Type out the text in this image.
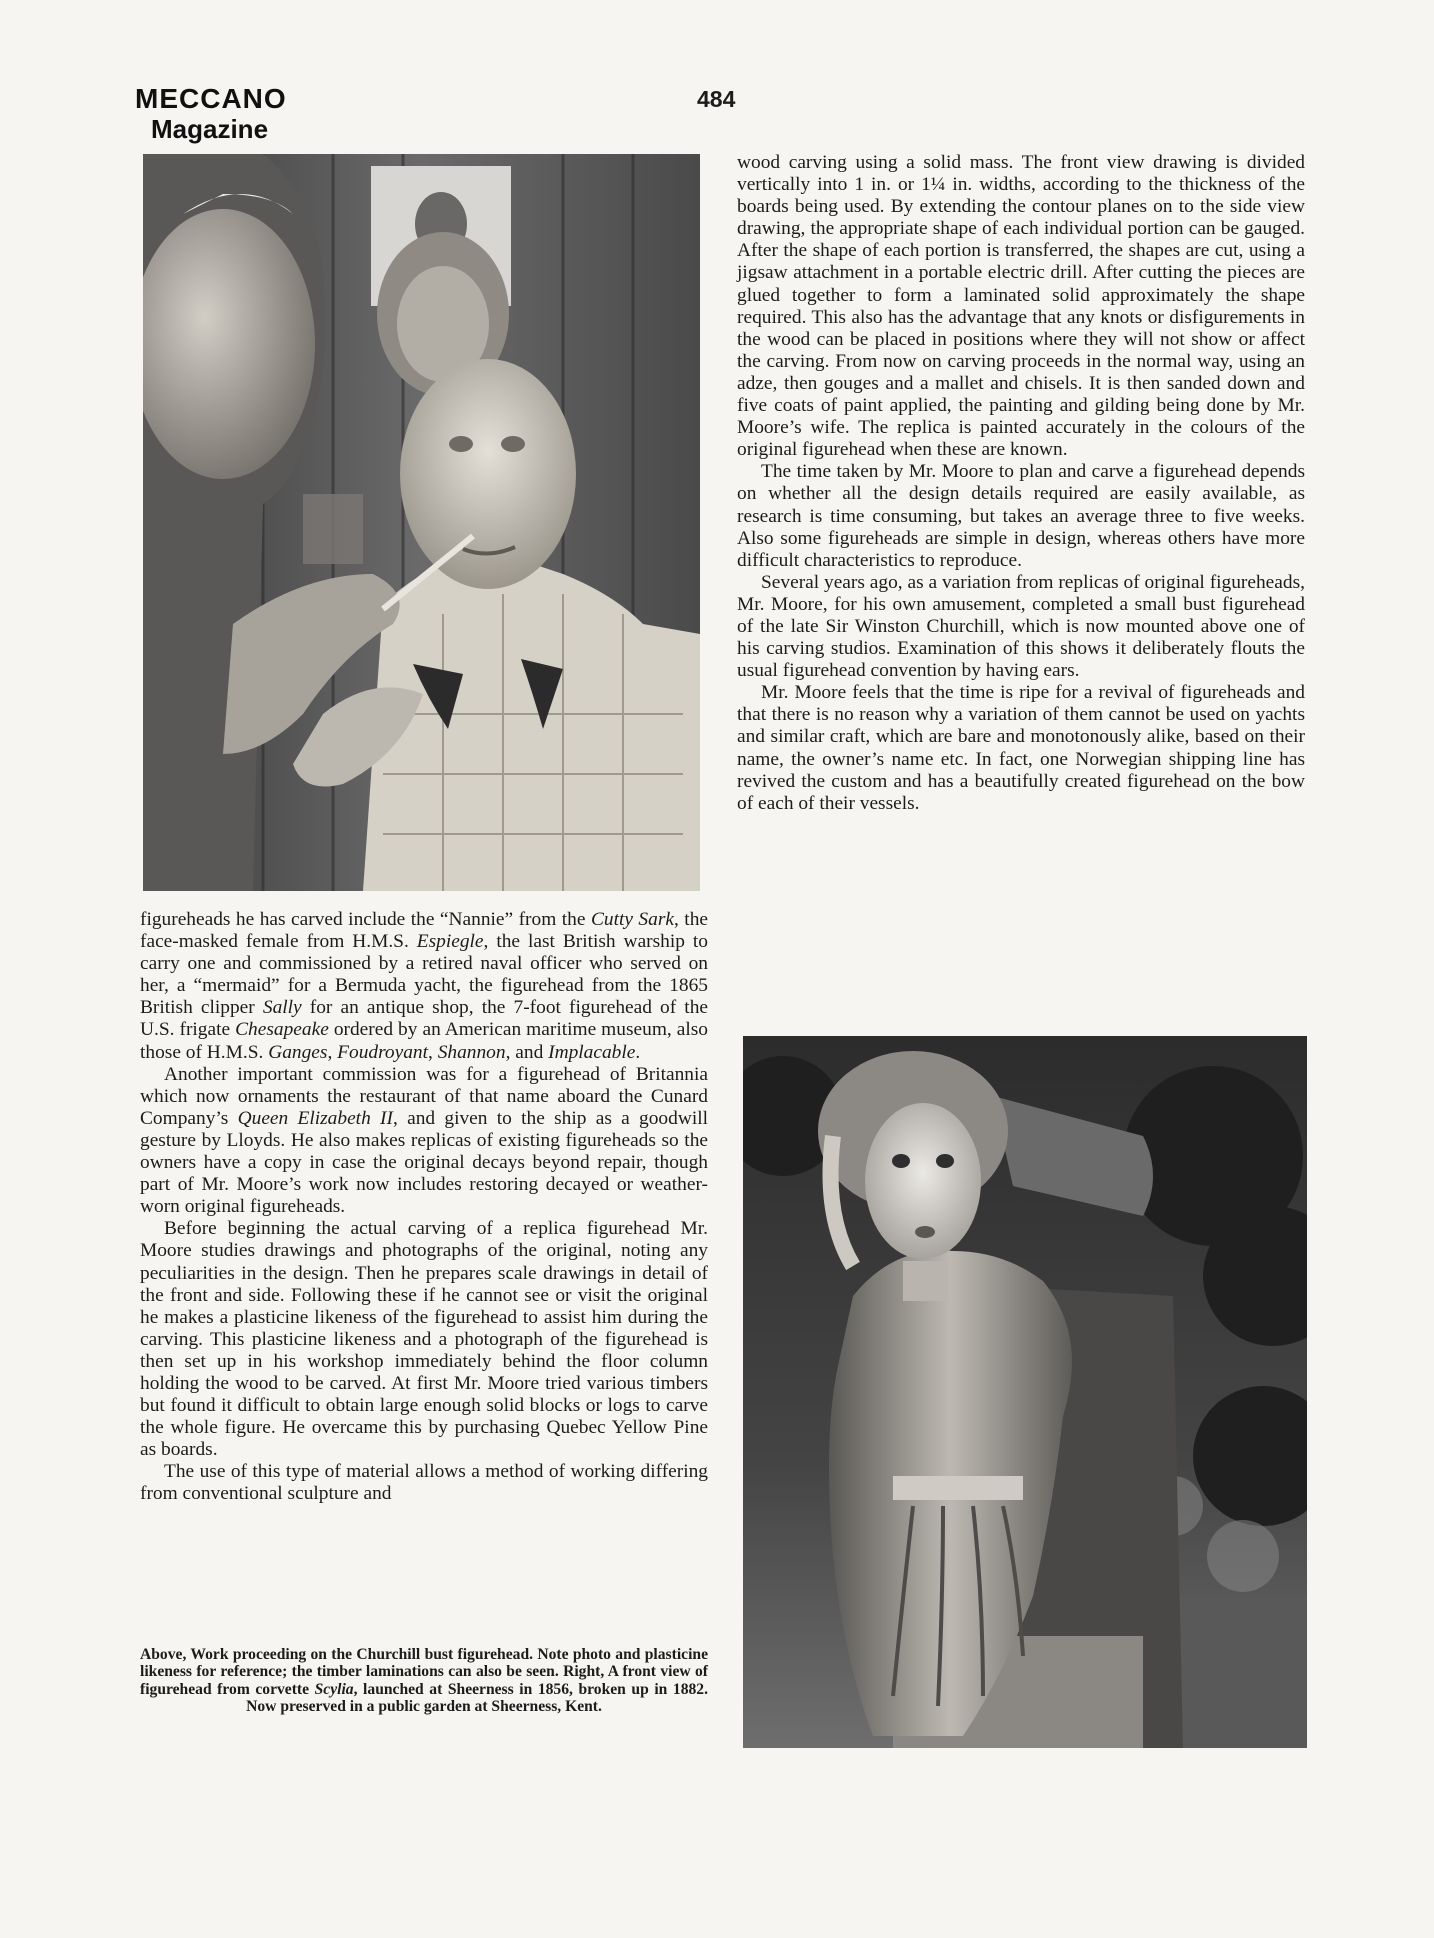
MECCANO
Magazine
484

figureheads he has carved include the “Nannie” from the Cutty Sark, the face-masked female from H.M.S. Espiegle, the last British warship to carry one and commissioned by a retired naval officer who served on her, a “mermaid” for a Bermuda yacht, the figurehead from the 1865 British clipper Sally for an antique shop, the 7-foot figurehead of the U.S. frigate Chesapeake ordered by an American maritime museum, also those of H.M.S. Ganges, Foudroyant, Shannon, and Implacable.

Another important commission was for a figurehead of Britannia which now ornaments the restaurant of that name aboard the Cunard Company’s Queen Elizabeth II, and given to the ship as a goodwill gesture by Lloyds. He also makes replicas of existing figureheads so the owners have a copy in case the original decays beyond repair, though part of Mr. Moore’s work now includes restoring decayed or weather-worn original figureheads.

Before beginning the actual carving of a replica figurehead Mr. Moore studies drawings and photographs of the original, noting any peculiarities in the design. Then he prepares scale drawings in detail of the front and side. Following these if he cannot see or visit the original he makes a plasticine likeness of the figurehead to assist him during the carving. This plasticine likeness and a photograph of the figurehead is then set up in his workshop immediately behind the floor column holding the wood to be carved. At first Mr. Moore tried various timbers but found it difficult to obtain large enough solid blocks or logs to carve the whole figure. He overcame this by purchasing Quebec Yellow Pine as boards.

The use of this type of material allows a method of working differing from conventional sculpture and

wood carving using a solid mass. The front view drawing is divided vertically into 1 in. or 1¼ in. widths, according to the thickness of the boards being used. By extending the contour planes on to the side view drawing, the appropriate shape of each individual portion can be gauged. After the shape of each portion is transferred, the shapes are cut, using a jigsaw attachment in a portable electric drill. After cutting the pieces are glued together to form a laminated solid approximately the shape required. This also has the advantage that any knots or disfigurements in the wood can be placed in positions where they will not show or affect the carving. From now on carving proceeds in the normal way, using an adze, then gouges and a mallet and chisels. It is then sanded down and five coats of paint applied, the painting and gilding being done by Mr. Moore’s wife. The replica is painted accurately in the colours of the original figurehead when these are known.

The time taken by Mr. Moore to plan and carve a figurehead depends on whether all the design details required are easily available, as research is time consuming, but takes an average three to five weeks. Also some figureheads are simple in design, whereas others have more difficult characteristics to reproduce.

Several years ago, as a variation from replicas of original figureheads, Mr. Moore, for his own amusement, completed a small bust figurehead of the late Sir Winston Churchill, which is now mounted above one of his carving studios. Examination of this shows it deliberately flouts the usual figurehead convention by having ears.

Mr. Moore feels that the time is ripe for a revival of figureheads and that there is no reason why a variation of them cannot be used on yachts and similar craft, which are bare and monotonously alike, based on their name, the owner’s name etc. In fact, one Norwegian shipping line has revived the custom and has a beautifully created figurehead on the bow of each of their vessels.

Above, Work proceeding on the Churchill bust figurehead. Note photo and plasticine likeness for reference; the timber laminations can also be seen. Right, A front view of figurehead from corvette Scylia, launched at Sheerness in 1856, broken up in 1882. Now preserved in a public garden at Sheerness, Kent.
